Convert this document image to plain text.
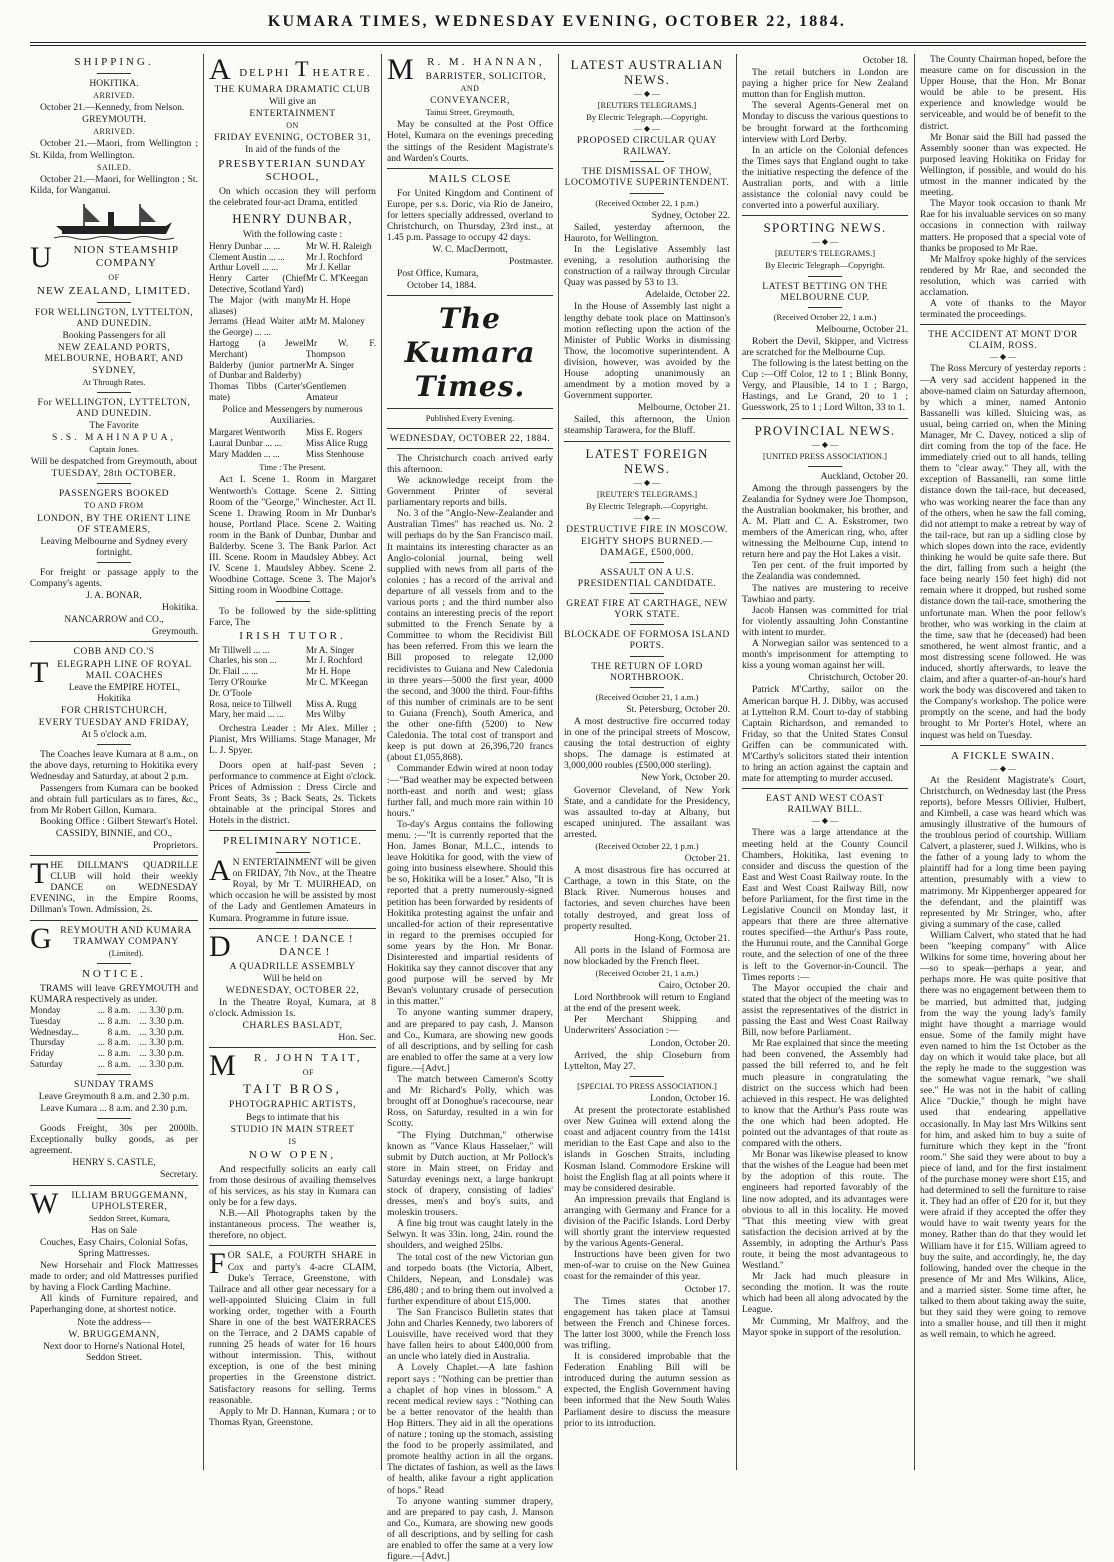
KUMARA TIMES, WEDNESDAY EVENING, OCTOBER 22, 1884.
SHIPPING.
HOKITIKA.
ARRIVED.
October 21.—Kennedy, from Nelson.
GREYMOUTH.
ARRIVED.
October 21.—Maori, from Wellington ; St. Kilda, from Wellington.
SAILED.
October 21.—Maori, for Wellington ; St. Kilda, for Wanganui.
U NION STEAMSHIP COMPANY
OF
NEW ZEALAND, LIMITED.
FOR WELLINGTON, LYTTELTON, AND DUNEDIN.
Booking Passengers for all
NEW ZEALAND PORTS, MELBOURNE, HOBART, AND SYDNEY,
At Through Rates.
For WELLINGTON, LYTTELTON, AND DUNEDIN.
The Favorite
S.S. MAHINAPUA,
Captain Jones.
Will be despatched from Greymouth, about
TUESDAY, 28th OCTOBER.
PASSENGERS BOOKED
TO AND FROM
LONDON, BY THE ORIENT LINE OF STEAMERS,
Leaving Melbourne and Sydney every fortnight.
For freight or passage apply to the Company's agents.
J. A. BONAR,
Hokitika.
NANCARROW and CO.,
Greymouth.
COBB AND CO.'S
TELEGRAPH LINE OF ROYAL MAIL COACHES
Leave the EMPIRE HOTEL, Hokitika
FOR CHRISTCHURCH,
EVERY TUESDAY AND FRIDAY,
At 5 o'clock a.m.
The Coaches leave Kumara at 8 a.m., on the above days, returning to Hokitika every Wednesday and Saturday, at about 2 p.m.
Passengers from Kumara can be booked and obtain full particulars as to fares, &c., from Mr Robert Gillon, Kumara.
Booking Office : Gilbert Stewart's Hotel.
CASSIDY, BINNIE, and CO.,
Proprietors.
THE DILLMAN'S QUADRILLE CLUB will hold their weekly DANCE on WEDNESDAY EVENING, in the Empire Rooms, Dillman's Town. Admission, 2s.
GREYMOUTH AND KUMARA TRAMWAY COMPANY
(Limited).
NOTICE.
TRAMS will leave GREYMOUTH and KUMARA respectively as under.
Monday	...	8 a.m.	...	3.30 p.m.
Tuesday	...	8 a.m.	...	3.30 p.m.
Wednesday...		8 a.m.	...	3.30 p.m.
Thursday	...	8 a.m.	...	3.30 p.m.
Friday	...	8 a.m.	...	3.30 p.m.
Saturday	...	8 a.m.	...	3.30 p.m.
SUNDAY TRAMS
Leave Greymouth 8 a.m. and 2.30 p.m.
Leave Kumara ... 8 a.m. and 2.30 p.m.
Goods Freight, 30s per 2000lb. Exceptionally bulky goods, as per agreement.
HENRY S. CASTLE,
Secretary.
W ILLIAM BRUGGEMANN, UPHOLSTERER,
Seddon Street, Kumara,
Has on Sale
Couches, Easy Chairs, Colonial Sofas, Spring Mattresses.
New Horsehair and Flock Mattresses made to order; and old Mattresses purified by having a Flock Carding Machine.
All kinds of Furniture repaired, and Paperhanging done, at shortest notice.
Note the address—
W. BRUGGEMANN,
Next door to Horne's National Hotel, Seddon Street.
ADELPHI T HEATRE.
THE KUMARA DRAMATIC CLUB
Will give an
ENTERTAINMENT
ON
FRIDAY EVENING, OCTOBER 31,
In aid of the funds of the
PRESBYTERIAN SUNDAY SCHOOL,
On which occasion they will perform the celebrated four-act Drama, entitled
HENRY DUNBAR,
With the following caste :
Henry Dunbar ... ...	Mr W. H. Raleigh
Clement Austin ... ...	Mr J. Rochford
Arthur Lovell ... ...	Mr J. Kellar
Henry Carter (Chief Detective, Scotland Yard)	Mr C. M'Keegan
The Major (with many aliases)	Mr H. Hope
Jerrams (Head Waiter at the George) ... ...	Mr M. Maloney
Hartogg (a Jewel Merchant)	Mr W. F. Thompson
Balderby (junior partner of Dunbar and Balderby)	Mr A. Singer
Thomas Tibbs (Carter's mate)	Gentlemen Amateur
Police and Messengers by numerous Auxiliaries.
Margaret Wentworth	Miss E. Rogers
Laural Dunbar ... ...	Miss Alice Rugg
Mary Madden ... ...	Miss Stenhouse
Time : The Present.
Act I. Scene 1. Room in Margaret Wentworth's Cottage. Scene 2. Sitting Room of the "George," Winchester. Act II. Scene 1. Drawing Room in Mr Dunbar's house, Portland Place. Scene 2. Waiting room in the Bank of Dunbar, Dunbar and Balderby. Scene 3. The Bank Parlor. Act III. Scene. Room in Maudsley Abbey. Act IV. Scene 1. Maudsley Abbey. Scene 2. Woodbine Cottage. Scene 3. The Major's Sitting room in Woodbine Cottage.
To be followed by the side-splitting Farce, The
IRISH TUTOR.
Mr Tillwell ... ...	Mr A. Singer
Charles, his son ...	Mr J. Rochford
Dr. Flail ... ...	Mr H. Hope
Terry O'Rourke	Mr C. M'Keegan
Dr. O'Toole	
Rosa, neice to Tillwell	Miss A. Rugg
Mary, her maid ... ...	Mrs Wilby
Orchestra Leader : Mr Alex. Miller ; Pianist, Mrs Williams. Stage Manager, Mr L. J. Spyer.
Doors open at half-past Seven ; performance to commence at Eight o'clock. Prices of Admission : Dress Circle and Front Seats, 3s ; Back Seats, 2s. Tickets obtainable at the principal Stores and Hotels in the district.
PRELIMINARY NOTICE.
A N ENTERTAINMENT will be given on FRIDAY, 7th Nov., at the Theatre Royal, by Mr T. MUIRHEAD, on which occasion he will be assisted by most of the Lady and Gentlemen Amateurs in Kumara. Programme in future issue.
D ANCE ! DANCE ! DANCE !
A QUADRILLE ASSEMBLY
Will be held on
WEDNESDAY, OCTOBER 22,
In the Theatre Royal, Kumara, at 8 o'clock. Admission 1s.
CHARLES BASLADT,
Hon. Sec.
M R. JOHN TAIT,
OF
TAIT BROS,
PHOTOGRAPHIC ARTISTS,
Begs to intimate that his
STUDIO IN MAIN STREET
IS
NOW OPEN,
And respectfully solicits an early call from those desirous of availing themselves of his services, as his stay in Kumara can only be for a few days.
N.B.—All Photographs taken by the instantaneous process. The weather is, therefore, no object.
FOR SALE, a FOURTH SHARE in Cox and party's 4-acre CLAIM, Duke's Terrace, Greenstone, with Tailrace and all other gear necessary for a well-appointed Sluicing Claim in full working order, together with a Fourth Share in one of the best WATERRACES on the Terrace, and 2 DAMS capable of running 25 heads of water for 16 hours without intermission. This, without exception, is one of the best mining properties in the Greenstone district. Satisfactory reasons for selling. Terms reasonable.
Apply to Mr D. Hannan, Kumara ; or to Thomas Ryan, Greenstone.
M R. M. HANNAN,
BARRISTER, SOLICITOR,
AND
CONVEYANCER,
Tainui Street, Greymouth,
May be consulted at the Post Office Hotel, Kumara on the evenings preceding the sittings of the Resident Magistrate's and Warden's Courts.
MAILS CLOSE
For United Kingdom and Continent of Europe, per s.s. Doric, via Rio de Janeiro, for letters specially addressed, overland to Christchurch, on Thursday, 23rd inst., at 1.45 p.m. Passage to occupy 42 days.
W. C. MacDermott,
Postmaster.
Post Office, Kumara,
October 14, 1884.
The Kumara Times.
Published Every Evening.
WEDNESDAY, OCTOBER 22, 1884.

The Christchurch coach arrived early this afternoon.

We acknowledge receipt from the Government Printer of several parliamentary reports and bills.

No. 3 of the "Anglo-New-Zealander and Australian Times" has reached us. No. 2 will perhaps do by the San Francisco mail. It maintains its interesting character as an Anglo-colonial journal, being well supplied with news from all parts of the colonies ; has a record of the arrival and departure of all vessels from and to the various ports ; and the third number also contains an interesting precis of the report submitted to the French Senate by a Committee to whom the Recidivist Bill has been referred. From this we learn the Bill proposed to relegate 12,000 recidivistes to Guiana and New Caledonia in three years—5000 the first year, 4000 the second, and 3000 the third. Four-fifths of this number of criminals are to be sent to Guiana (French), South America, and the other one-fifth (5200) to New Caledonia. The total cost of transport and keep is put down at 26,396,720 francs (about £1,055,868).

Commander Edwin wired at noon today :—"Bad weather may be expected between north-east and north and west; glass further fall, and much more rain within 10 hours."

To-day's Argus contains the following menu. :—"It is currently reported that the Hon. James Bonar, M.L.C., intends to leave Hokitika for good, with the view of going into business elsewhere. Should this be so, Hokitika will be a loser." Also, "It is reported that a pretty numerously-signed petition has been forwarded by residents of Hokitika protesting against the unfair and uncalled-for action of their representative in regard to the premises occupied for some years by the Hon. Mr Bonar. Disinterested and impartial residents of Hokitika say they cannot discover that any good purpose will be served by Mr Bevan's voluntary crusade of persecution in this matter."

To anyone wanting summer drapery, and are prepared to pay cash, J. Manson and Co., Kumara, are showing new goods of all descriptions, and by selling for cash are enabled to offer the same at a very low figure.—[Advt.]

The match between Cameron's Scotty and Mr Richard's Polly, which was brought off at Donoghue's racecourse, near Ross, on Saturday, resulted in a win for Scotty.

"The Flying Dutchman," otherwise known as "Vance Klaus Hasselaer," will submit by Dutch auction, at Mr Pollock's store in Main street, on Friday and Saturday evenings next, a large bankrupt stock of drapery, consisting of ladies' dresses, men's and boy's suits, and moleskin trousers.

A fine big trout was caught lately in the Selwyn. It was 33in. long, 24in. round the shoulders, and weighed 25lbs.

The total cost of the new Victorian gun and torpedo boats (the Victoria, Albert, Childers, Nepean, and Lonsdale) was £86,480 ; and to bring them out involved a further expenditure of about £15,000.

The San Francisco Bulletin states that John and Charles Kennedy, two laborers of Louisville, have received word that they have fallen heirs to about £400,000 from an uncle who lately died in Australia.

A Lovely Chaplet.—A late fashion report says : "Nothing can be prettier than a chaplet of hop vines in blossom." A recent medical review says : "Nothing can be a better renovator of the health than Hop Bitters. They aid in all the operations of nature ; toning up the stomach, assisting the food to be properly assimilated, and promote healthy action in all the organs. The dictates of fashion, as well as the laws of health, alike favour a right application of hops." Read

To anyone wanting summer drapery, and are prepared to pay cash, J. Manson and Co., Kumara, are showing new goods of all descriptions, and by selling for cash are enabled to offer the same at a very low figure.—[Advt.]

LATEST AUSTRALIAN NEWS.
— ◆ —
[REUTERS TELEGRAMS.]
By Electric Telegraph.—Copyright.
— ◆ —
PROPOSED CIRCULAR QUAY RAILWAY.
THE DISMISSAL OF THOW, LOCOMOTIVE SUPERINTENDENT.
(Received October 22, 1 p.m.)
Sydney, October 22.

Sailed, yesterday afternoon, the Hauroto, for Wellington.

In the Legislative Assembly last evening, a resolution authorising the construction of a railway through Circular Quay was passed by 53 to 13.

Adelaide, October 22.

In the House of Assembly last night a lengthy debate took place on Mattinson's motion reflecting upon the action of the Minister of Public Works in dismissing Thow, the locomotive superintendent. A division, however, was avoided by the House adopting unanimously an amendment by a motion moved by a Government supporter.

Melbourne, October 21.

Sailed, this afternoon, the Union steamship Tarawera, for the Bluff.

LATEST FOREIGN NEWS.
— ◆ —
[REUTER'S TELEGRAMS.]
By Electric Telegraph.—Copyright.
— ◆ —
DESTRUCTIVE FIRE IN MOSCOW.
EIGHTY SHOPS BURNED.—DAMAGE, £500,000.
ASSAULT ON A U.S. PRESIDENTIAL CANDIDATE.
GREAT FIRE AT CARTHAGE, NEW YORK STATE.
BLOCKADE OF FORMOSA ISLAND PORTS.
THE RETURN OF LORD NORTHBROOK.
(Received October 21, 1 a.m.)
St. Petersburg, October 20.

A most destructive fire occurred today in one of the principal streets of Moscow, causing the total destruction of eighty shops. The damage is estimated at 3,000,000 roubles (£500,000 sterling).

New York, October 20.

Governor Cleveland, of New York State, and a candidate for the Presidency, was assaulted to-day at Albany, but escaped uninjured. The assailant was arrested.

(Received October 22, 1 p.m.)
October 21.

A most disastrous fire has occurred at Carthage, a town in this State, on the Black River. Numerous houses and factories, and seven churches have been totally destroyed, and great loss of property resulted.

Hong-Kong, October 21.

All ports in the Island of Formosa are now blockaded by the French fleet.

(Received October 21, 1 a.m.)
Cairo, October 20.

Lord Northbrook will return to England at the end of the present week.

Per Merchant Shipping and Underwriters' Association :—

London, October 20.

Arrived, the ship Closeburn from Lyttelton, May 27.

[SPECIAL TO PRESS ASSOCIATION.]
London, October 16.

At present the protectorate established over New Guinea will extend along the coast and adjacent country from the 141st meridian to the East Cape and also to the islands in Goschen Straits, including Kosman Island. Commodore Erskine will hoist the English flag at all points where it may be considered desirable.

An impression prevails that England is arranging with Germany and France for a division of the Pacific Islands. Lord Derby will shortly grant the interview requested by the various Agents-General.

Instructions have been given for two men-of-war to cruise on the New Guinea coast for the remainder of this year.

October 17.

The Times states that another engagement has taken place at Tamsui between the French and Chinese forces. The latter lost 3000, while the French loss was trifling.

It is considered improbable that the Federation Enabling Bill will be introduced during the autumn session as expected, the English Government having been informed that the New South Wales Parliament desire to discuss the measure prior to its introduction.

October 18.

The retail butchers in London are paying a higher price for New Zealand mutton than for English mutton.

The several Agents-General met on Monday to discuss the various questions to be brought forward at the forthcoming interview with Lord Derby.

In an article on the Colonial defences the Times says that England ought to take the initiative respecting the defence of the Australian ports, and with a little assistance the colonial navy could be converted into a powerful auxiliary.

SPORTING NEWS.
— ◆ —
[REUTER'S TELEGRAMS.]
By Electric Telegraph—Copyright.
LATEST BETTING ON THE MELBOURNE CUP.
(Received October 22, 1 a.m.)
Melbourne, October 21.

Robert the Devil, Skipper, and Victress are scratched for the Melbourne Cup.

The following is the latest betting on the Cup :—Off Color, 12 to 1 ; Blink Bonny, Vergy, and Plausible, 14 to 1 ; Bargo, Hastings, and Le Grand, 20 to 1 ; Guesswork, 25 to 1 ; Lord Wilton, 33 to 1.

PROVINCIAL NEWS.
— ◆ —
[UNITED PRESS ASSOCIATION.]
Auckland, October 20.

Among the through passengers by the Zealandia for Sydney were Joe Thompson, the Australian bookmaker, his brother, and A. M. Platt and C. A. Eskstromer, two members of the American ring, who, after witnessing the Melbourne Cup, intend to return here and pay the Hot Lakes a visit.

Ten per cent. of the fruit imported by the Zealandia was condemned.

The natives are mustering to receive Tawhiao and party.

Jacob Hansen was committed for trial for violently assaulting John Constantine with intent to murder.

A Norwegian sailor was sentenced to a month's imprisonment for attempting to kiss a young woman against her will.

Christchurch, October 20.

Patrick M'Carthy, sailor on the American barque H. J. Dibby, was accused at Lyttelton R.M. Court to-day of stabbing Captain Richardson, and remanded to Friday, so that the United States Consul Griffen can be communicated with. M'Carthy's solicitors stated their intention to bring an action against the captain and mate for attempting to murder accused.

EAST AND WEST COAST RAILWAY BILL.
— ◆ —

There was a large attendance at the meeting held at the County Council Chambers, Hokitika, last evening to consider and discuss the question of the East and West Coast Railway route. In the East and West Coast Railway Bill, now before Parliament, for the first time in the Legislative Council on Monday last, it appears that there are three alternative routes specified—the Arthur's Pass route, the Hurunui route, and the Cannibal Gorge route, and the selection of one of the three is left to the Governor-in-Council. The Times reports :—

The Mayor occupied the chair and stated that the object of the meeting was to assist the representatives of the district in passing the East and West Coast Railway Bill, now before Parliament.

Mr Rae explained that since the meeting had been convened, the Assembly had passed the bill referred to, and he felt much pleasure in congratulating the district on the success which had been achieved in this respect. He was delighted to know that the Arthur's Pass route was the one which had been adopted. He pointed out the advantages of that route as compared with the others.

Mr Bonar was likewise pleased to know that the wishes of the League had been met by the adoption of this route. The engineers had reported favorably of the line now adopted, and its advantages were obvious to all in this locality. He moved "That this meeting view with great satisfaction the decision arrived at by the Assembly, in adopting the Arthur's Pass route, it being the most advantageous to Westland."

Mr Jack had much pleasure in seconding the motion. It was the route which had been all along advocated by the League.

Mr Cumming, Mr Malfroy, and the Mayor spoke in support of the resolution.

The County Chairman hoped, before the measure came on for discussion in the Upper House, that the Hon. Mr Bonar would be able to be present. His experience and knowledge would be serviceable, and would be of benefit to the district.

Mr Bonar said the Bill had passed the Assembly sooner than was expected. He purposed leaving Hokitika on Friday for Wellington, if possible, and would do his utmost in the manner indicated by the meeting.

The Mayor took occasion to thank Mr Rae for his invaluable services on so many occasions in connection with railway matters. He proposed that a special vote of thanks be proposed to Mr Rae.

Mr Malfroy spoke highly of the services rendered by Mr Rae, and seconded the resolution, which was carried with acclamation.

A vote of thanks to the Mayor terminated the proceedings.

THE ACCIDENT AT MONT D'OR CLAIM, ROSS.
— ◆ —

The Ross Mercury of yesterday reports :—A very sad accident happened in the above-named claim on Saturday afternoon, by which a miner, named Antonio Bassanelli was killed. Sluicing was, as usual, being carried on, when the Mining Manager, Mr C. Davey, noticed a slip of dirt coming from the top of the face. He immediately cried out to all hands, telling them to "clear away." They all, with the exception of Bassanelli, ran some little distance down the tail-race, but deceased, who was working nearer the face than any of the others, when he saw the fall coming, did not attempt to make a retreat by way of the tail-race, but ran up a sidling close by which slopes down into the race, evidently thinking he would be quite safe there. But the dirt, falling from such a height (the face being nearly 150 feet high) did not remain where it dropped, but rushed some distance down the tail-race, smothering the unfortunate man. When the poor fellow's brother, who was working in the claim at the time, saw that he (deceased) had been smothered, he went almost frantic, and a most distressing scene followed. He was induced, shortly afterwards, to leave the claim, and after a quarter-of-an-hour's hard work the body was discovered and taken to the Company's workshop. The police were promptly on the scene, and had the body brought to Mr Porter's Hotel, where an inquest was held on Tuesday.

A FICKLE SWAIN.
— ◆ —

At the Resident Magistrate's Court, Christchurch, on Wednesday last (the Press reports), before Messrs Ollivier, Hulbert, and Kimbell, a case was heard which was amusingly illustrative of the humours of the troublous period of courtship. William Calvert, a plasterer, sued J. Wilkins, who is the father of a young lady to whom the plaintiff had for a long time been paying attention, presumably with a view to matrimony. Mr Kippenberger appeared for the defendant, and the plaintiff was represented by Mr Stringer, who, after giving a summary of the case, called

William Calvert, who stated that he had been "keeping company" with Alice Wilkins for some time, hovering about her—so to speak—perhaps a year, and perhaps more. He was quite positive that there was no engagement between them to be married, but admitted that, judging from the way the young lady's family might have thought a marriage would ensue. Some of the family might have even named to him the 1st October as the day on which it would take place, but all the reply he made to the suggestion was the somewhat vague remark, "we shall see." He was not in the habit of calling Alice "Duckie," though he might have used that endearing appellative occasionally. In May last Mrs Wilkins sent for him, and asked him to buy a suite of furniture which they kept in the "front room." She said they were about to buy a piece of land, and for the first instalment of the purchase money were short £15, and had determined to sell the furniture to raise it. They had an offer of £20 for it, but they were afraid if they accepted the offer they would have to wait twenty years for the money. Rather than do that they would let William have it for £15. William agreed to buy the suite, and accordingly, he, the day following, handed over the cheque in the presence of Mr and Mrs Wilkins, Alice, and a married sister. Some time after, he talked to them about taking away the suite, but they said they were going to remove into a smaller house, and till then it might as well remain, to which he agreed.
